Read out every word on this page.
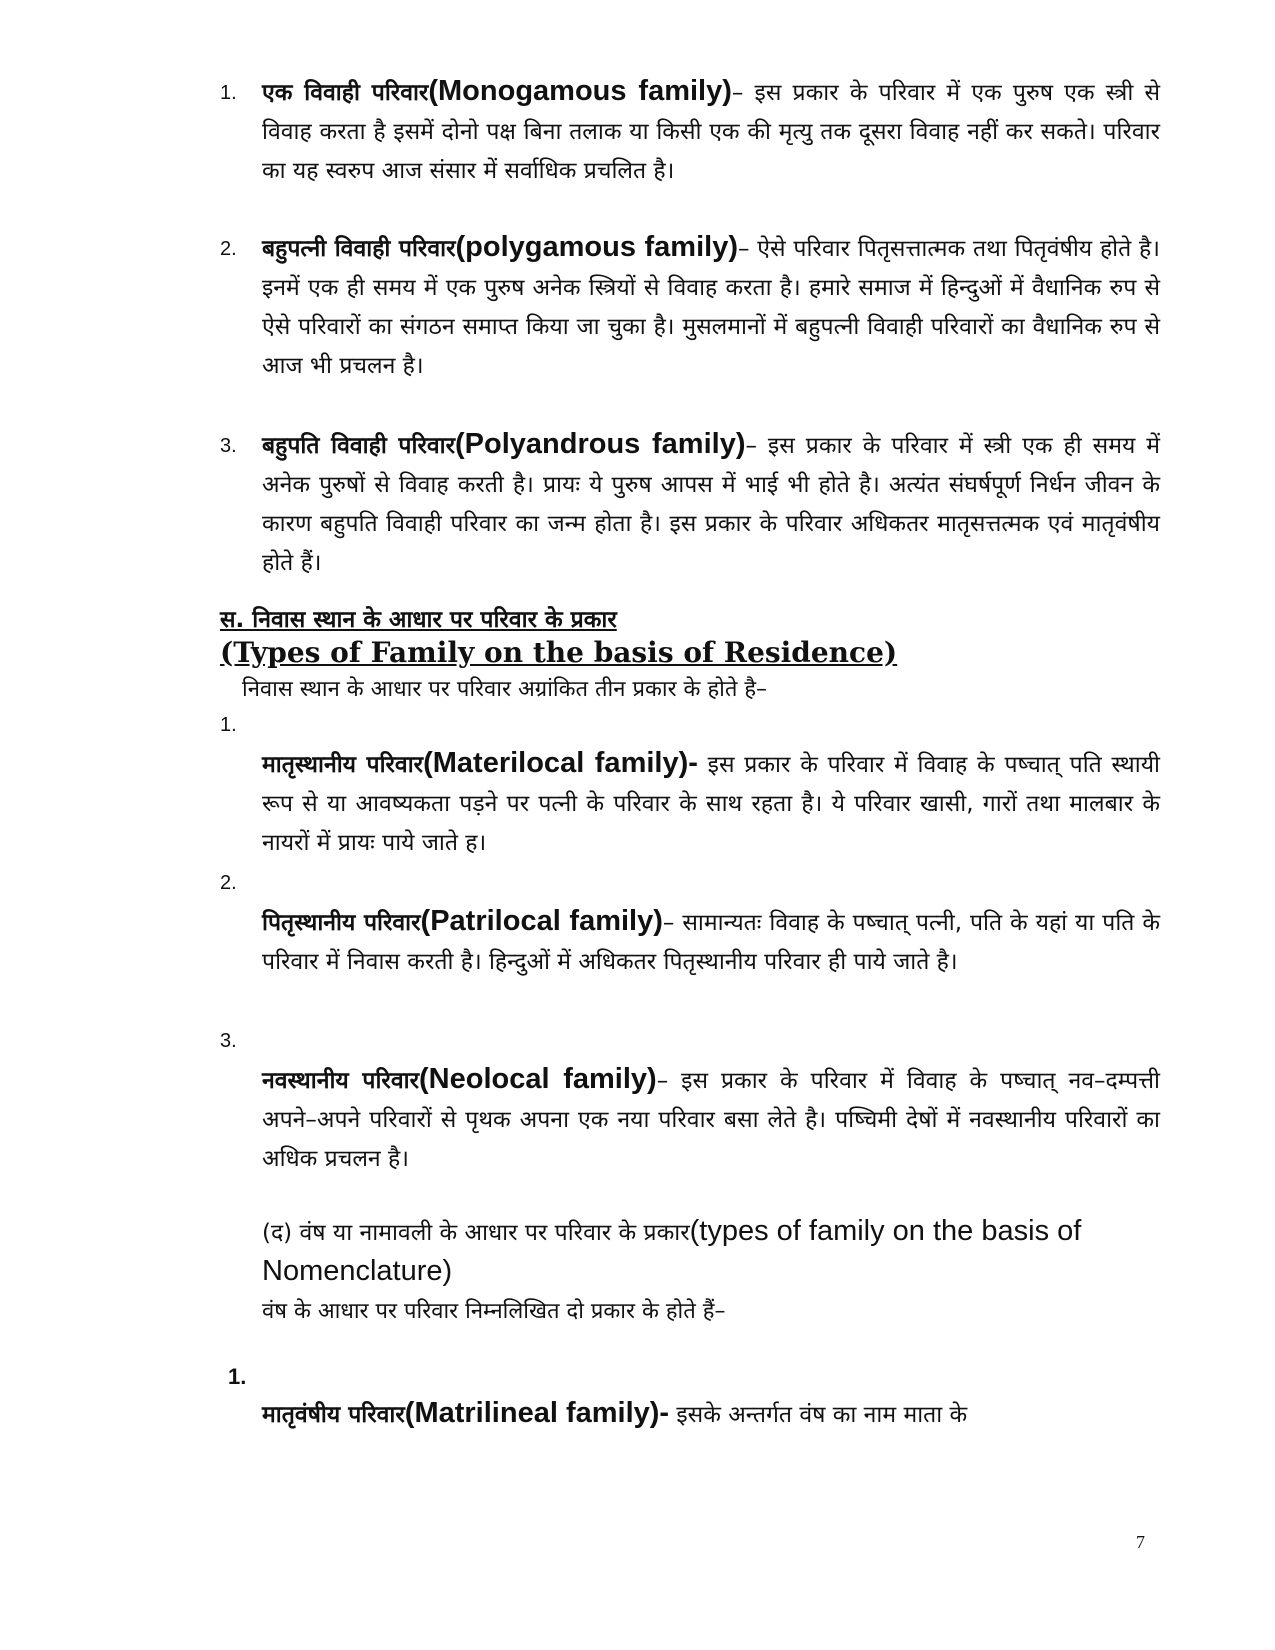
1. एक विवाही परिवार(Monogamous family)– इस प्रकार के परिवार में एक पुरुष एक स्त्री से विवाह करता है इसमें दोनो पक्ष बिना तलाक या किसी एक की मृत्यु तक दूसरा विवाह नहीं कर सकते। परिवार का यह स्वरुप आज संसार में सर्वाधिक प्रचलित है।
2. बहुपत्नी विवाही परिवार(polygamous family)– ऐसे परिवार पितृसत्तात्मक तथा पितृवंषीय होते है। इनमें एक ही समय में एक पुरुष अनेक स्त्रियों से विवाह करता है। हमारे समाज में हिन्दुओं में वैधानिक रुप से ऐसे परिवारों का संगठन समाप्त किया जा चुका है। मुसलमानों में बहुपत्नी विवाही परिवारों का वैधानिक रुप से आज भी प्रचलन है।
3. बहुपति विवाही परिवार(Polyandrous family)– इस प्रकार के परिवार में स्त्री एक ही समय में अनेक पुरुषों से विवाह करती है। प्रायः ये पुरुष आपस में भाई भी होते है। अत्यंत संघर्षपूर्ण निर्धन जीवन के कारण बहुपति विवाही परिवार का जन्म होता है। इस प्रकार के परिवार अधिकतर मातृसत्तत्मक एवं मातृवंषीय होते हैं।
स. निवास स्थान के आधार पर परिवार के प्रकार
(Types of Family on the basis of Residence)
निवास स्थान के आधार पर परिवार अग्रांकित तीन प्रकार के होते है–
1.
मातृस्थानीय परिवार(Materilocal family)- इस प्रकार के परिवार में विवाह के पष्चात् पति स्थायी रूप से या आवष्यकता पड़ने पर पत्नी के परिवार के साथ रहता है। ये परिवार खासी, गारों तथा मालबार के नायरों में प्रायः पाये जाते ह।
2.
पितृस्थानीय परिवार(Patrilocal family)– सामान्यतः विवाह के पष्चात् पत्नी, पति के यहां या पति के परिवार में निवास करती है। हिन्दुओं में अधिकतर पितृस्थानीय परिवार ही पाये जाते है।
3.
नवस्थानीय परिवार(Neolocal family)– इस प्रकार के परिवार में विवाह के पष्चात् नव–दम्पत्ती अपने–अपने परिवारों से पृथक अपना एक नया परिवार बसा लेते है। पष्चिमी देषों में नवस्थानीय परिवारों का अधिक प्रचलन है।
(द) वंष या नामावली के आधार पर परिवार के प्रकार(types of family on the basis of Nomenclature)
वंष के आधार पर परिवार निम्नलिखित दो प्रकार के होते हैं–
1.
मातृवंषीय परिवार(Matrilineal family)- इसके अन्तर्गत वंष का नाम माता के
7
